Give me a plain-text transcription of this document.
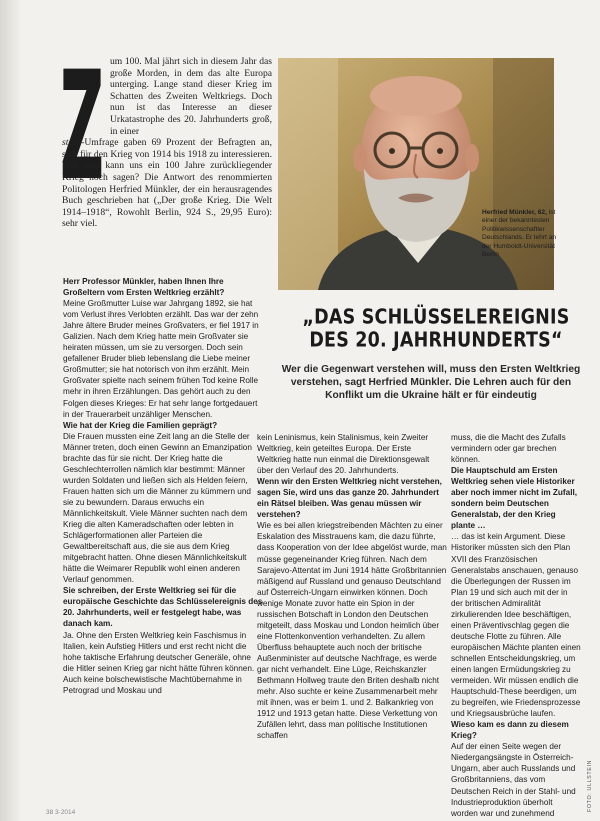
Z um 100. Mal jährt sich in diesem Jahr das große Morden, in dem das alte Europa unterging. Lange stand dieser Krieg im Schatten des Zweiten Weltkriegs. Doch nun ist das Interesse an dieser Urkatastrophe des 20. Jahrhunderts groß, in einer
stern-Umfrage gaben 69 Prozent der Befragten an, sich für den Krieg von 1914 bis 1918 zu interessieren. Was aber kann uns ein 100 Jahre zurückliegender Krieg noch sagen? Die Antwort des renommierten Politologen Herfried Münkler, der ein herausragendes Buch geschrieben hat („Der große Krieg. Die Welt 1914–1918“, Rowohlt Berlin, 924 S., 29,95 Euro): sehr viel.
Herfried Münkler, 62, ist einer der bekanntesten Politikwissenschaftler Deutschlands. Er lehrt an der Humboldt-Universität Berlin
„DAS SCHLÜSSELEREIGNIS DES 20. JAHRHUNDERTS“
Wer die Gegenwart verstehen will, muss den Ersten Weltkrieg verstehen, sagt Herfried Münkler. Die Lehren auch für den Konflikt um die Ukraine hält er für eindeutig

Herr Professor Münkler, haben Ihnen Ihre Großeltern vom Ersten Weltkrieg erzählt?

Meine Großmutter Luise war Jahrgang 1892, sie hat vom Verlust ihres Verlobten erzählt. Das war der zehn Jahre ältere Bruder meines Großvaters, er fiel 1917 in Galizien. Nach dem Krieg hatte mein Großvater sie heiraten müssen, um sie zu versorgen. Doch sein gefallener Bruder blieb lebenslang die Liebe meiner Großmutter; sie hat notorisch von ihm erzählt. Mein Großvater spielte nach seinem frühen Tod keine Rolle mehr in ihren Erzählungen. Das gehört auch zu den Folgen dieses Krieges: Er hat sehr lange fortgedauert in der Trauerarbeit unzähliger Menschen.

Wie hat der Krieg die Familien geprägt?

Die Frauen mussten eine Zeit lang an die Stelle der Männer treten, doch einen Gewinn an Emanzipation brachte das für sie nicht. Der Krieg hatte die Geschlechterrollen nämlich klar bestimmt: Männer wurden Soldaten und ließen sich als Helden feiern, Frauen hatten sich um die Männer zu kümmern und sie zu bewundern. Daraus erwuchs ein Männlichkeitskult. Viele Männer suchten nach dem Krieg die alten Kameradschaften oder lebten in Schlägerformationen aller Parteien die Gewaltbereitschaft aus, die sie aus dem Krieg mitgebracht hatten. Ohne diesen Männlichkeitskult hätte die Weimarer Republik wohl einen anderen Verlauf genommen.

Sie schreiben, der Erste Weltkrieg sei für die europäische Geschichte das Schlüsselereignis des 20. Jahrhunderts, weil er festgelegt habe, was danach kam.

Ja. Ohne den Ersten Weltkrieg kein Faschismus in Italien, kein Aufstieg Hitlers und erst recht nicht die hohe taktische Erfahrung deutscher Generäle, ohne die Hitler seinen Krieg gar nicht hätte führen können. Auch keine bolschewistische Machtübernahme in Petrograd und Moskau und

kein Leninismus, kein Stalinismus, kein Zweiter Weltkrieg, kein geteiltes Europa. Der Erste Weltkrieg hatte nun einmal die Direktionsgewalt über den Verlauf des 20. Jahrhunderts.

Wenn wir den Ersten Weltkrieg nicht verstehen, sagen Sie, wird uns das ganze 20. Jahrhundert ein Rätsel bleiben. Was genau müssen wir verstehen?

Wie es bei allen kriegstreibenden Mächten zu einer Eskalation des Misstrauens kam, die dazu führte, dass Kooperation von der Idee abgelöst wurde, man müsse gegeneinander Krieg führen. Nach dem Sarajevo-Attentat im Juni 1914 hätte Großbritannien mäßigend auf Russland und genauso Deutschland auf Österreich-Ungarn einwirken können. Doch wenige Monate zuvor hatte ein Spion in der russischen Botschaft in London den Deutschen mitgeteilt, dass Moskau und London heimlich über eine Flottenkonvention verhandelten. Zu allem Überfluss behauptete auch noch der britische Außenminister auf deutsche Nachfrage, es werde gar nicht verhandelt. Eine Lüge, Reichskanzler Bethmann Hollweg traute den Briten deshalb nicht mehr. Also suchte er keine Zusammenarbeit mehr mit ihnen, was er beim 1. und 2. Balkankrieg von 1912 und 1913 getan hatte. Diese Verkettung von Zufällen lehrt, dass man politische Institutionen schaffen

muss, die die Macht des Zufalls vermindern oder gar brechen können.

Die Hauptschuld am Ersten Weltkrieg sehen viele Historiker aber noch immer nicht im Zufall, sondern beim Deutschen Generalstab, der den Krieg plante …

… das ist kein Argument. Diese Historiker müssten sich den Plan XVII des Französischen Generalstabs anschauen, genauso die Überlegungen der Russen im Plan 19 und sich auch mit der in der britischen Admiralität zirkulierenden Idee beschäftigen, einen Präventivschlag gegen die deutsche Flotte zu führen. Alle europäischen Mächte planten einen schnellen Entscheidungskrieg, um einen langen Ermüdungskrieg zu vermeiden. Wir müssen endlich die Hauptschuld-These beerdigen, um zu begreifen, wie Friedensprozesse und Kriegsausbrüche laufen.

Wieso kam es dann zu diesem Krieg?

Auf der einen Seite wegen der Niedergangsängste in Österreich-Ungarn, aber auch Russlands und Großbritanniens, das vom Deutschen Reich in der Stahl- und Industrieproduktion überholt worden war und zunehmend

FOTO: ULLSTEIN
38 3·2014
